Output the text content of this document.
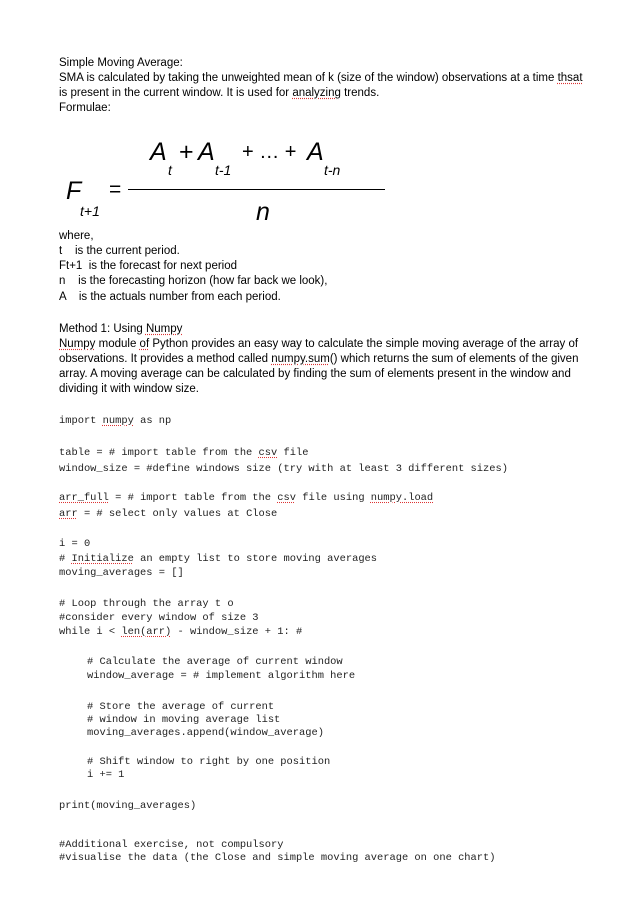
Simple Moving Average:
SMA is calculated by taking the unweighted mean of k (size of the window) observations at a time thsat is present in the current window. It is used for analyzing trends.
Formulae:
A + A + … + A
t	t-1	t-n
F =
t+1	n
where,
t    is the current period.
Ft+1  is the forecast for next period
n    is the forecasting horizon (how far back we look),
A    is the actuals number from each period.
Method 1: Using Numpy
Numpy module of Python provides an easy way to calculate the simple moving average of the array of observations. It provides a method called numpy.sum() which returns the sum of elements of the given array. A moving average can be calculated by finding the sum of elements present in the window and dividing it with window size.
import numpy as np
table = # import table from the csv file
window_size = #define windows size (try with at least 3 different sizes)
arr_full = # import table from the csv file using numpy.load
arr = # select only values at Close
i = 0
# Initialize an empty list to store moving averages
moving_averages = []
# Loop through the array t o
#consider every window of size 3
while i < len(arr) - window_size + 1: #
# Calculate the average of current window
window_average = # implement algorithm here
# Store the average of current
# window in moving average list
moving_averages.append(window_average)
# Shift window to right by one position
i += 1
print(moving_averages)
#Additional exercise, not compulsory
#visualise the data (the Close and simple moving average on one chart)
